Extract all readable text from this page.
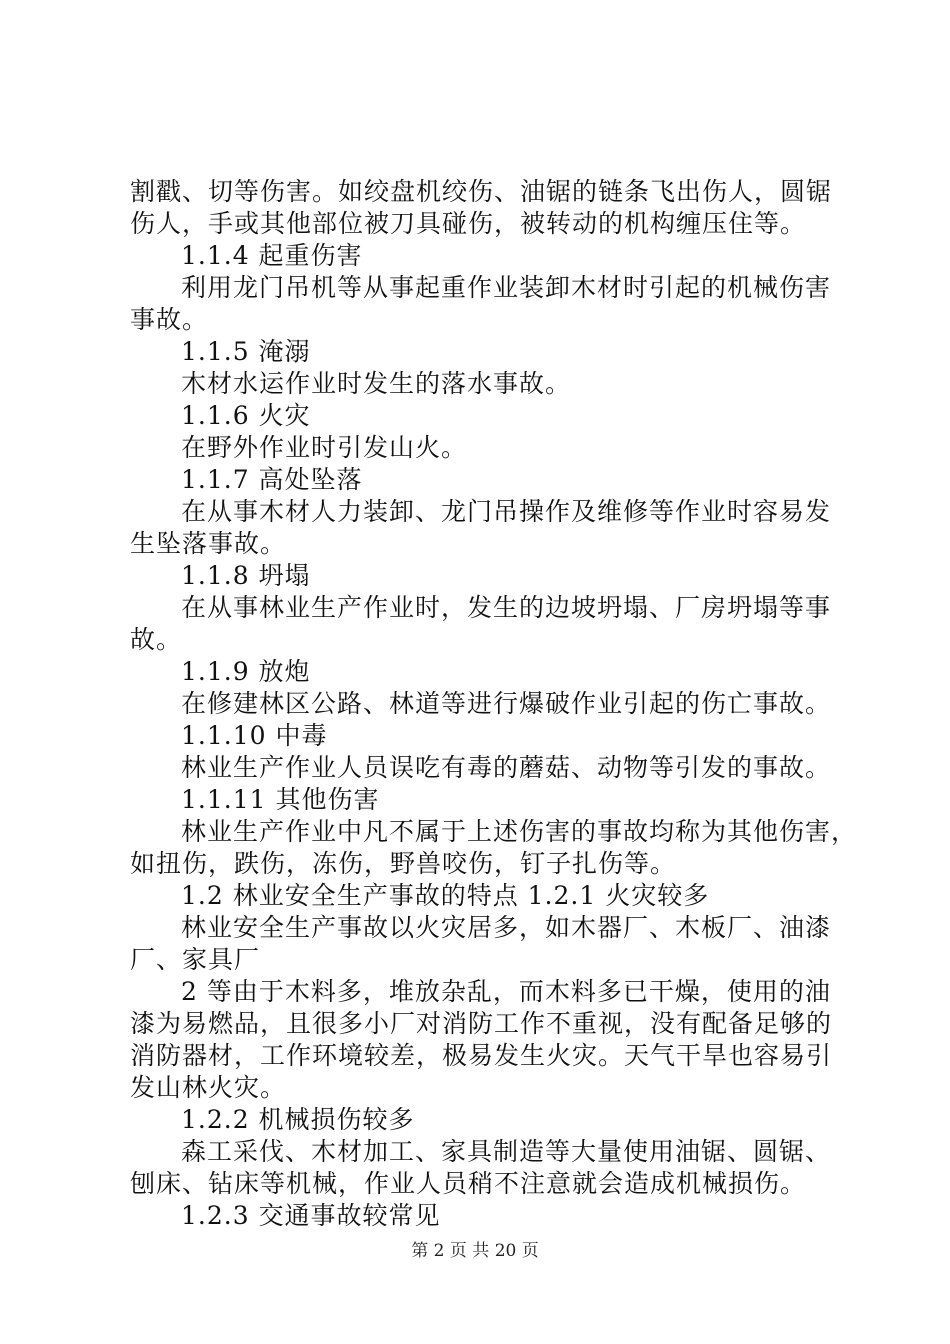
割戳、切等伤害。如绞盘机绞伤、油锯的链条飞出伤人，圆锯
伤人，手或其他部位被刀具碰伤，被转动的机构缠压住等。
1.1.4 起重伤害
利用龙门吊机等从事起重作业装卸木材时引起的机械伤害
事故。
1.1.5 淹溺
木材水运作业时发生的落水事故。
1.1.6 火灾
在野外作业时引发山火。
1.1.7 高处坠落
在从事木材人力装卸、龙门吊操作及维修等作业时容易发
生坠落事故。
1.1.8 坍塌
在从事林业生产作业时，发生的边坡坍塌、厂房坍塌等事
故。
1.1.9 放炮
在修建林区公路、林道等进行爆破作业引起的伤亡事故。
1.1.10 中毒
林业生产作业人员误吃有毒的蘑菇、动物等引发的事故。
1.1.11 其他伤害
林业生产作业中凡不属于上述伤害的事故均称为其他伤害，
如扭伤，跌伤，冻伤，野兽咬伤，钉子扎伤等。
1.2 林业安全生产事故的特点 1.2.1 火灾较多
林业安全生产事故以火灾居多，如木器厂、木板厂、油漆
厂、家具厂
2 等由于木料多，堆放杂乱，而木料多已干燥，使用的油
漆为易燃品，且很多小厂对消防工作不重视，没有配备足够的
消防器材，工作环境较差，极易发生火灾。天气干旱也容易引
发山林火灾。
1.2.2 机械损伤较多
森工采伐、木材加工、家具制造等大量使用油锯、圆锯、
刨床、钻床等机械，作业人员稍不注意就会造成机械损伤。
1.2.3 交通事故较常见
第 2 页 共 20 页
